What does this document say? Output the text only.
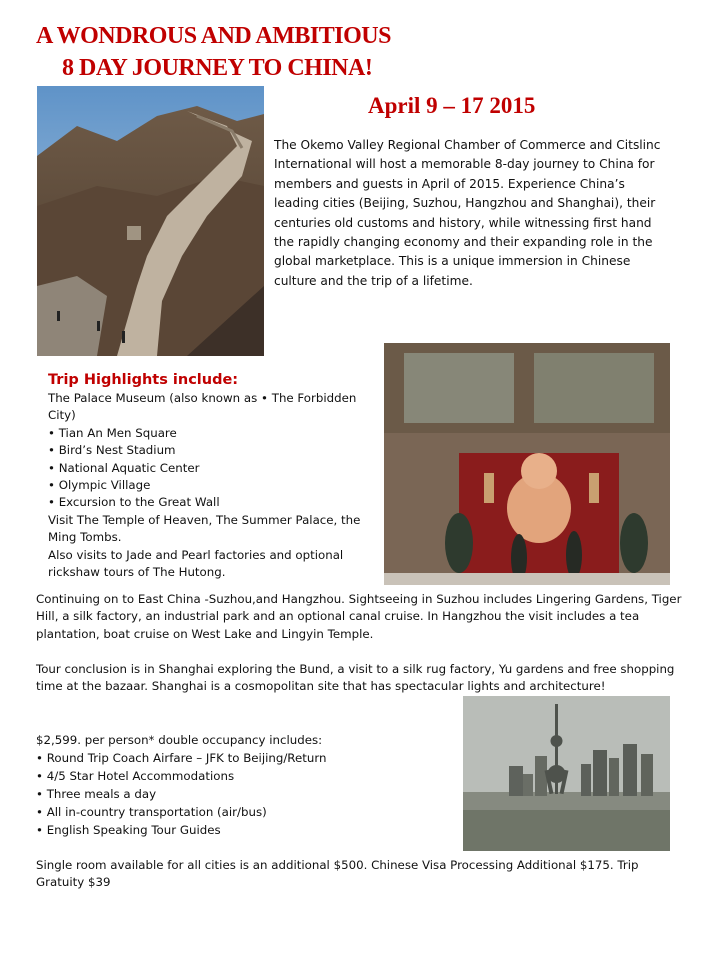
A WONDROUS AND AMBITIOUS
8 DAY JOURNEY TO CHINA!
April 9 – 17 2015
The Okemo Valley Regional Chamber of Commerce and Citslinc International will host a memorable 8-day journey to China for members and guests in April of 2015. Experience China’s leading cities (Beijing, Suzhou, Hangzhou and Shanghai), their centuries old customs and history, while witnessing first hand the rapidly changing economy and their expanding role in the global marketplace. This is a unique immersion in Chinese culture and the trip of a lifetime.
Trip Highlights include:
The Palace Museum (also known as • The Forbidden City)
• Tian An Men Square
• Bird’s Nest Stadium
• National Aquatic Center
• Olympic Village
• Excursion to the Great Wall
Visit The Temple of Heaven, The Summer Palace, the Ming Tombs.
Also visits to Jade and Pearl factories and optional rickshaw tours of The Hutong.
Continuing on to East China -Suzhou,and Hangzhou. Sightseeing in Suzhou includes Lingering Gardens, Tiger Hill, a silk factory, an industrial park and an optional canal cruise. In Hangzhou the visit includes a tea plantation, boat cruise on West Lake and Lingyin Temple.
Tour conclusion is in Shanghai exploring the Bund, a visit to a silk rug factory, Yu gardens and free shopping time at the bazaar. Shanghai is a cosmopolitan site that has spectacular lights and architecture!
$2,599. per person* double occupancy includes:
• Round Trip Coach Airfare – JFK to Beijing/Return
• 4/5 Star Hotel Accommodations
• Three meals a day
• All in-country transportation (air/bus)
• English Speaking Tour Guides
Single room available for all cities is an additional $500. Chinese Visa Processing Additional $175. Trip Gratuity $39
